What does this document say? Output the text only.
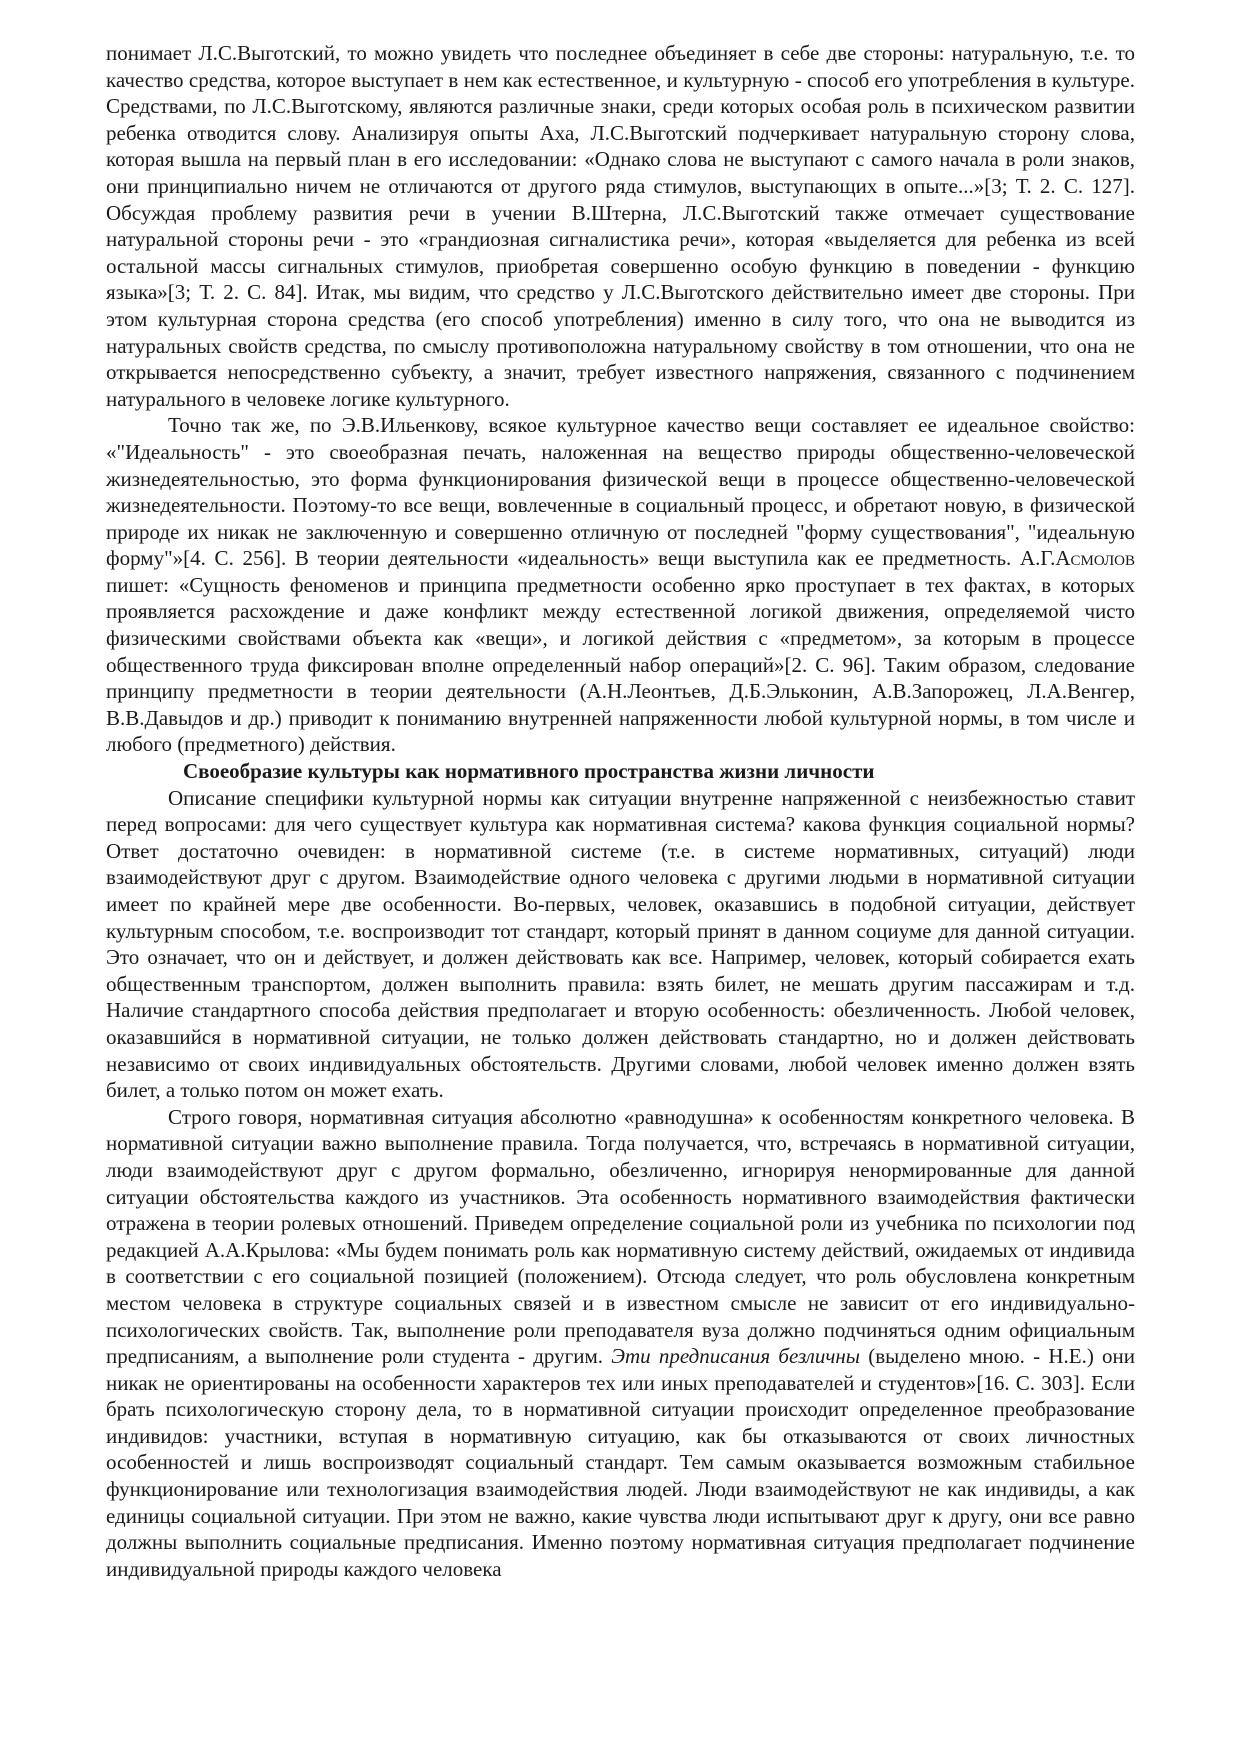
понимает Л.С.Выготский, то можно увидеть что последнее объединяет в себе две стороны: натуральную, т.е. то качество средства, которое выступает в нем как естественное, и культурную - способ его употребления в культуре. Средствами, по Л.С.Выготскому, являются различные знаки, среди которых особая роль в психическом развитии ребенка отводится слову. Анализируя опыты Аха, Л.С.Выготский подчеркивает натуральную сторону слова, которая вышла на первый план в его исследовании: «Однако слова не выступают с самого начала в роли знаков, они принципиально ничем не отличаются от другого ряда стимулов, выступающих в опыте...»[3; Т. 2. С. 127]. Обсуждая проблему развития речи в учении В.Штерна, Л.С.Выготский также отмечает существование натуральной стороны речи - это «грандиозная сигналистика речи», которая «выделяется для ребенка из всей остальной массы сигнальных стимулов, приобретая совершенно особую функцию в поведении - функцию языка»[3; Т. 2. С. 84]. Итак, мы видим, что средство у Л.С.Выготского действительно имеет две стороны. При этом культурная сторона средства (его способ употребления) именно в силу того, что она не выводится из натуральных свойств средства, по смыслу противоположна натуральному свойству в том отношении, что она не открывается непосредственно субъекту, а значит, требует известного напряжения, связанного с подчинением натурального в человеке логике культурного.

Точно так же, по Э.В.Ильенкову, всякое культурное качество вещи составляет ее идеальное свойство: «"Идеальность" - это своеобразная печать, наложенная на вещество природы общественно-человеческой жизнедеятельностью, это форма функционирования физической вещи в процессе общественно-человеческой жизнедеятельности. Поэтому-то все вещи, вовлеченные в социальный процесс, и обретают новую, в физической природе их никак не заключенную и совершенно отличную от последней "форму существования", "идеальную форму"»[4. С. 256]. В теории деятельности «идеальность» вещи выступила как ее предметность. А.Г.Асмолов пишет: «Сущность феноменов и принципа предметности особенно ярко проступает в тех фактах, в которых проявляется расхождение и даже конфликт между естественной логикой движения, определяемой чисто физическими свойствами объекта как «вещи», и логикой действия с «предметом», за которым в процессе общественного труда фиксирован вполне определенный набор операций»[2. С. 96]. Таким образом, следование принципу предметности в теории деятельности (А.Н.Леонтьев, Д.Б.Эльконин, А.В.Запорожец, Л.А.Венгер, В.В.Давыдов и др.) приводит к пониманию внутренней напряженности любой культурной нормы, в том числе и любого (предметного) действия.

Своеобразие культуры как нормативного пространства жизни личности

Описание специфики культурной нормы как ситуации внутренне напряженной с неизбежностью ставит перед вопросами: для чего существует культура как нормативная система? какова функция социальной нормы? Ответ достаточно очевиден: в нормативной системе (т.е. в системе нормативных, ситуаций) люди взаимодействуют друг с другом. Взаимодействие одного человека с другими людьми в нормативной ситуации имеет по крайней мере две особенности. Во-первых, человек, оказавшись в подобной ситуации, действует культурным способом, т.е. воспроизводит тот стандарт, который принят в данном социуме для данной ситуации. Это означает, что он и действует, и должен действовать как все. Например, человек, который собирается ехать общественным транспортом, должен выполнить правила: взять билет, не мешать другим пассажирам и т.д. Наличие стандартного способа действия предполагает и вторую особенность: обезличенность. Любой человек, оказавшийся в нормативной ситуации, не только должен действовать стандартно, но и должен действовать независимо от своих индивидуальных обстоятельств. Другими словами, любой человек именно должен взять билет, а только потом он может ехать.

Строго говоря, нормативная ситуация абсолютно «равнодушна» к особенностям конкретного человека. В нормативной ситуации важно выполнение правила. Тогда получается, что, встречаясь в нормативной ситуации, люди взаимодействуют друг с другом формально, обезличенно, игнорируя ненормированные для данной ситуации обстоятельства каждого из участников. Эта особенность нормативного взаимодействия фактически отражена в теории ролевых отношений. Приведем определение социальной роли из учебника по психологии под редакцией А.А.Крылова: «Мы будем понимать роль как нормативную систему действий, ожидаемых от индивида в соответствии с его социальной позицией (положением). Отсюда следует, что роль обусловлена конкретным местом человека в структуре социальных связей и в известном смысле не зависит от его индивидуально-психологических свойств. Так, выполнение роли преподавателя вуза должно подчиняться одним официальным предписаниям, а выполнение роли студента - другим. Эти предписания безличны (выделено мною. - Н.Е.) они никак не ориентированы на особенности характеров тех или иных преподавателей и студентов»[16. С. 303]. Если брать психологическую сторону дела, то в нормативной ситуации происходит определенное преобразование индивидов: участники, вступая в нормативную ситуацию, как бы отказываются от своих личностных особенностей и лишь воспроизводят социальный стандарт. Тем самым оказывается возможным стабильное функционирование или технологизация взаимодействия людей. Люди взаимодействуют не как индивиды, а как единицы социальной ситуации. При этом не важно, какие чувства люди испытывают друг к другу, они все равно должны выполнить социальные предписания. Именно поэтому нормативная ситуация предполагает подчинение индивидуальной природы каждого человека
